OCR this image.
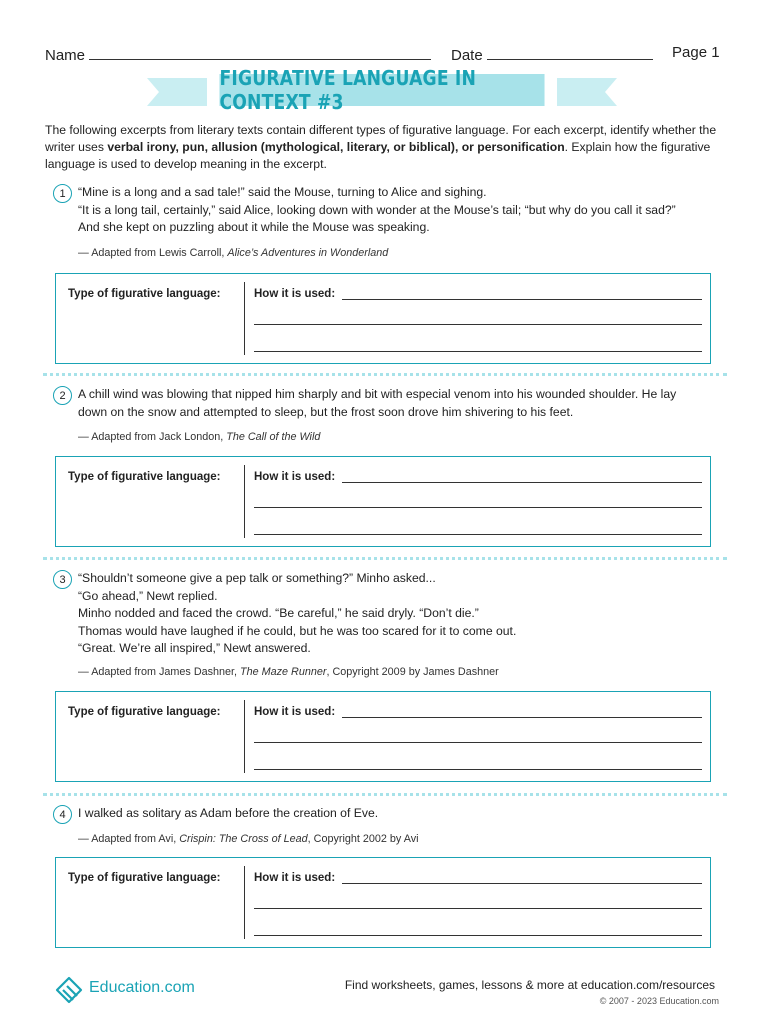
Name	Date	Page 1
FIGURATIVE LANGUAGE IN CONTEXT #3
The following excerpts from literary texts contain different types of figurative language. For each excerpt, identify whether the writer uses verbal irony, pun, allusion (mythological, literary, or biblical), or personification. Explain how the figurative language is used to develop meaning in the excerpt.
1	“Mine is a long and a sad tale!” said the Mouse, turning to Alice and sighing.
“It is a long tail, certainly,” said Alice, looking down with wonder at the Mouse’s tail; “but why do you call it sad?”
And she kept on puzzling about it while the Mouse was speaking.
— Adapted from Lewis Carroll, Alice’s Adventures in Wonderland
Type of figurative language:	How it is used:
2	A chill wind was blowing that nipped him sharply and bit with especial venom into his wounded shoulder. He lay
down on the snow and attempted to sleep, but the frost soon drove him shivering to his feet.
— Adapted from Jack London, The Call of the Wild
Type of figurative language:	How it is used:
3	“Shouldn’t someone give a pep talk or something?” Minho asked...
“Go ahead,” Newt replied.
Minho nodded and faced the crowd. “Be careful,” he said dryly. “Don’t die.”
Thomas would have laughed if he could, but he was too scared for it to come out.
“Great. We’re all inspired,” Newt answered.
— Adapted from James Dashner, The Maze Runner, Copyright 2009 by James Dashner
Type of figurative language:	How it is used:
4	I walked as solitary as Adam before the creation of Eve.
— Adapted from Avi, Crispin: The Cross of Lead, Copyright 2002 by Avi
Type of figurative language:	How it is used:
Education.com	Find worksheets, games, lessons & more at education.com/resources
© 2007 - 2023 Education.com
